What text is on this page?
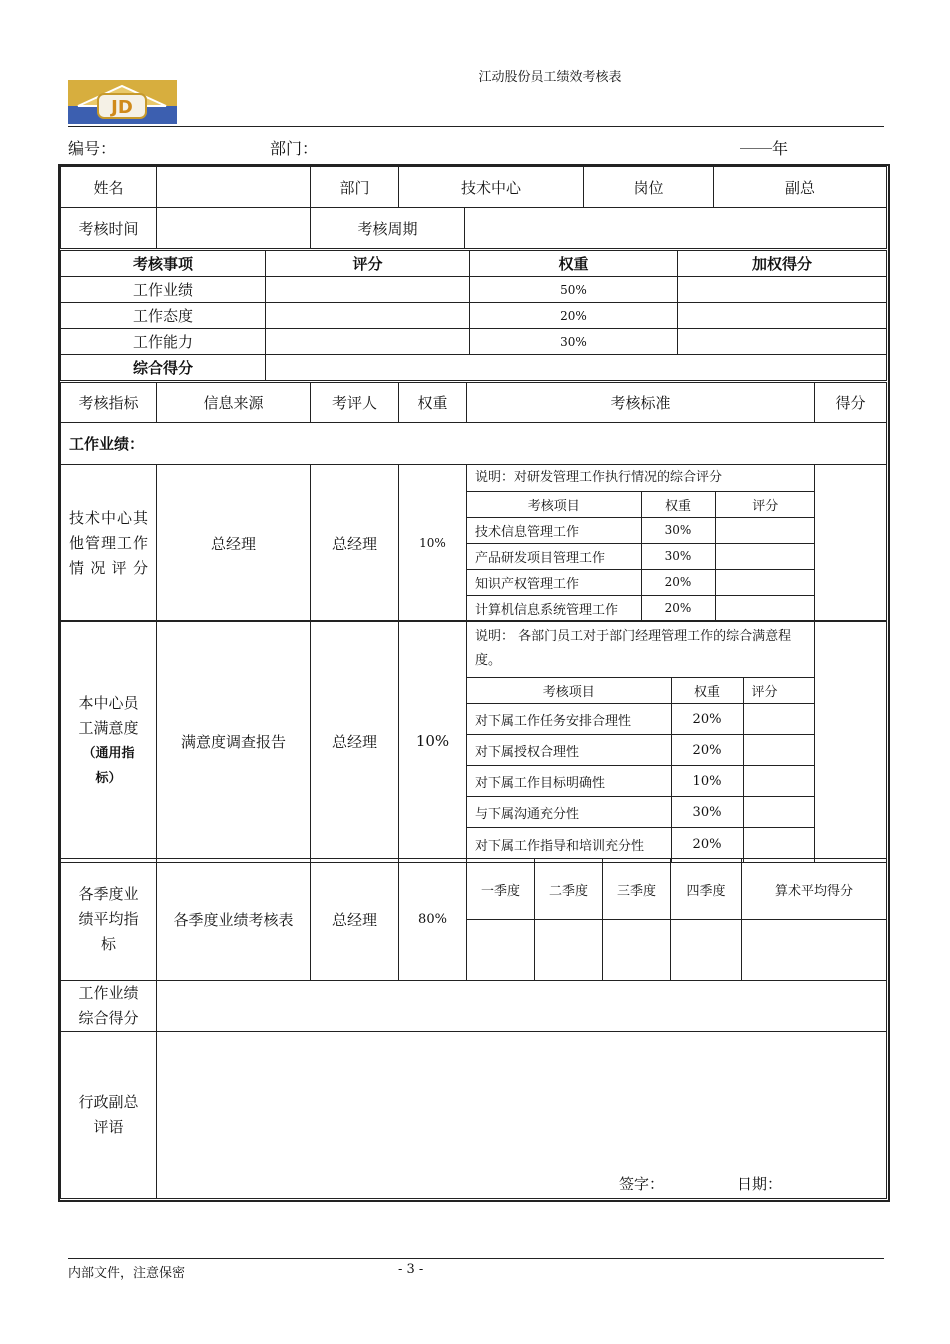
江动股份员工绩效考核表
JD
编号：	部门：	____ 年
姓名		部门	技术中心	岗位	副总
考核时间		考核周期	
考核事项	评分	权重	加权得分
工作业绩		50%	
工作态度		20%	
工作能力		30%	
综合得分			
考核指标	信息来源	考评人	权重	考核标准	得分
工作业绩：
技术中心其他管理工作情况评分	总经理	总经理	10%	
说明：对研发管理工作执行情况的综合评分
考核项目	权重	评分
技术信息管理工作	30%	
产品研发项目管理工作	30%	
知识产权管理工作	20%	
计算机信息系统管理工作	20%	

本中心员
工满意度
（通用指
标）
	满意度调查报告	总经理	10%	
说明： 各部门员工对于部门经理管理工作的综合满意程度。
考核项目	权重	评分
对下属工作任务安排合理性	20%	
对下属授权合理性	20%	
对下属工作目标明确性	10%	
与下属沟通充分性	30%	
对下属工作指导和培训充分性	20%	

各季度业
绩平均指
标	各季度业绩考核表	总经理	80%	一季度	二季度	三季度	四季度	算术平均得分

工作业绩
综合得分

行政副总
评语

签字：	日期：
内部文件，注意保密	- 3 -
